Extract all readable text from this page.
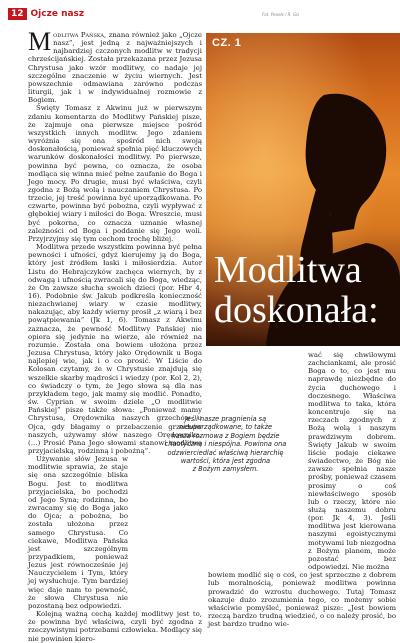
12 Ojcze nasz	Fot. Pexels / R. Gis
CZ. 1
Modlitwa
doskonała:

Modlitwa Pańska, znana również jako „Ojcze nasz”, jest jedną z najważniejszych i najbardziej czczonych modlitw w tradycji chrześcijańskiej. Została przekazana przez Jezusa Chrystusa jako wzór modlitwy, co nadaje jej szczególne znaczenie w życiu wiernych. Jest powszechnie odmawiana zarówno podczas liturgii, jak i w indywidualnej rozmowie z Bogiem.

Święty Tomasz z Akwinu już w pierwszym zdaniu komentarza do Modlitwy Pańskiej pisze, że zajmuje ona pierwsze miejsce pośród wszystkich innych modlitw. Jego zdaniem wyróżnia się ona spośród nich swoją doskonałością, ponieważ spełnia pięć kluczowych warunków doskonałości modlitwy. Po pierwsze, powinna być pewna, co oznacza, że osoba modląca się winna mieć pełne zaufanie do Boga i Jego mocy. Po drugie, musi być właściwa, czyli zgodna z Bożą wolą i nauczaniem Chrystusa. Po trzecie, jej treść powinna być uporządkowana. Po czwarte, powinna być pobożna, czyli wypływać z głębokiej wiary i miłości do Boga. Wreszcie, musi być pokorna, co oznacza uznanie własnej zależności od Boga i poddanie się Jego woli. Przyjrzyjmy się tym cechom trochę bliżej.

Modlitwa przede wszystkim powinna być pełna pewności i ufności, gdyż kierujemy ją do Boga, który jest źródłem łaski i miłosierdzia. Autor Listu do Hebrajczyków zachęca wiernych, by z odwagą i ufnością zwracali się do Boga, wiedząc, że On zawsze słucha swoich dzieci (por. Hbr 4, 16). Podobnie św. Jakub podkreśla konieczność niezachwianej wiary w czasie modlitwy, nakazując, aby każdy wierny prosił „z wiarą i bez powątpiewania” (Jk 1, 6). Tomasz z Akwinu zaznacza, że pewność Modlitwy Pańskiej nie opiera się jedynie na wierze, ale również na rozumie. Została ona bowiem ułożona przez Jezusa Chrystusa, który jako Orędownik u Boga najlepiej wie, jak i o co prosić. W Liście do Kolosan czytamy, że w Chrystusie znajdują się wszelkie skarby mądrości i wiedzy (por. Kol 2, 2), co świadczy o tym, że Jego słowa są dla nas przykładem tego, jak mamy się modlić. Ponadto, św. Cyprian w swoim dziele „O modlitwie Pańskiej” pisze także słowa: „Ponieważ mamy Chrystusa, Orędownika naszych grzechów u Ojca, gdy błagamy o przebaczenie grzechów naszych, używamy słów naszego Orędownika. (…) Prosić Pana Jego słowami stanowi modlitwę przyjacielską, rodzinną i pobożną”.

Używanie słów Jezusa w modlitwie sprawia, że staje się ona szczególnie bliska Bogu. Jest to modlitwa przyjacielska, bo pochodzi od Jego Syna; rodzinna, bo zwracamy się do Boga jako do Ojca; a pobożna, bo została ułożona przez samego Chrystusa. Co ciekawe, Modlitwa Pańska jest szczególnym przypadkiem, ponieważ Jezus jest równocześnie jej Nauczycielem i Tym, który jej wysłuchuje. Tym bardziej więc daje nam to pewność, że słowa Chrystusa nie pozostaną bez odpowiedzi.

Kolejną ważną cechą każdej modlitwy jest to, że powinna być właściwa, czyli być zgodna z rzeczywistymi potrzebami człowieka. Modlący się nie powinien kiero-

wać się chwilowymi zachciankami, ale prosić Boga o to, co jest mu naprawdę niezbędne do życia duchowego i doczesnego. Właściwa modlitwa to taka, która koncentruje się na rzeczach zgodnych z Bożą wolą i naszym prawdziwym dobrem. Święty Jakub w swoim liście podaje ciekawe świadectwo, że Bóg nie zawsze spełnia nasze prośby, ponieważ czasem prosimy o coś niewłaściwego sposób lub o rzeczy, które nie służą naszemu dobru (por. Jk 4, 3). Jeśli modlitwa jest kierowana naszymi egoistycznymi motywami lub niezgodna z Bożym planem, może pozostać bez odpowiedzi. Nie można

bowiem modlić się o coś, co jest sprzeczne z dobrem lub moralnością, ponieważ modlitwa powinna prowadzić do wzrostu duchowego. Tutaj Tomasz okazuje dużo zrozumienia tego, co możemy sobie właściwie pomyśleć, ponieważ pisze: „Jest bowiem rzeczą bardzo trudną wiedzieć, o co należy prosić, bo jest bardzo trudno wie-

Jeśli nasze pragnienia są
nieuporządkowane, to także
nasza rozmowa z Bogiem będzie
chaotyczna i niespójna. Powinna ona
odzwierciedlać właściwą hierarchię
wartości, która jest zgodna
z Bożym zamysłem.
